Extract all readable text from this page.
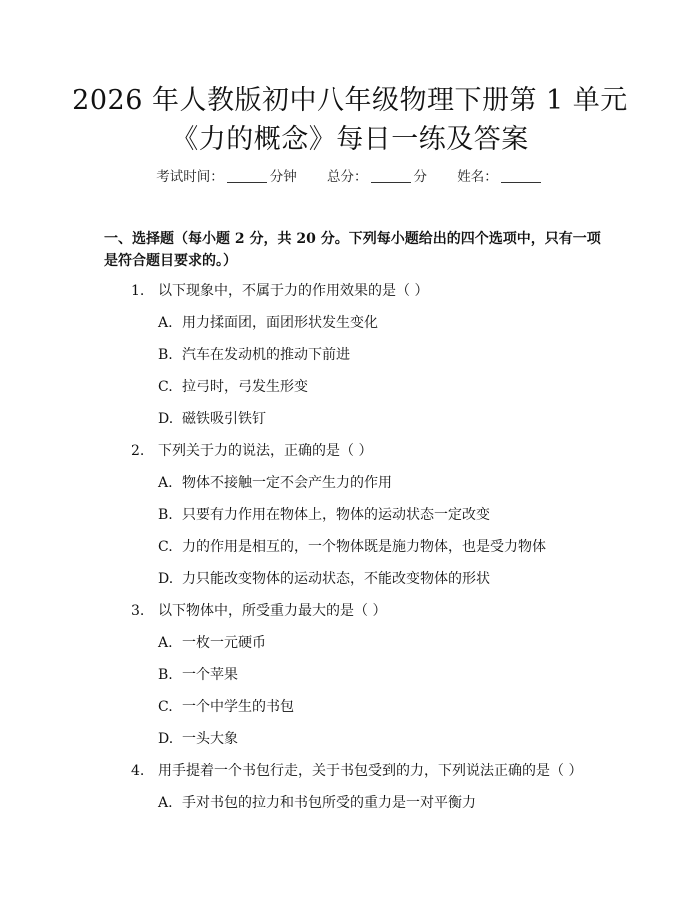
2026 年人教版初中八年级物理下册第 1 单元
《力的概念》每日一练及答案
考试时间：	分钟 总分：	分 姓名：
一、选择题（每小题 2 分，共 20 分。下列每小题给出的四个选项中，只有一项是符合题目要求的。）
1. 以下现象中，不属于力的作用效果的是（ ）
A. 用力揉面团，面团形状发生变化
B. 汽车在发动机的推动下前进
C. 拉弓时，弓发生形变
D. 磁铁吸引铁钉
2. 下列关于力的说法，正确的是（ ）
A. 物体不接触一定不会产生力的作用
B. 只要有力作用在物体上，物体的运动状态一定改变
C. 力的作用是相互的，一个物体既是施力物体，也是受力物体
D. 力只能改变物体的运动状态，不能改变物体的形状
3. 以下物体中，所受重力最大的是（ ）
A. 一枚一元硬币
B. 一个苹果
C. 一个中学生的书包
D. 一头大象
4. 用手提着一个书包行走，关于书包受到的力，下列说法正确的是（ ）
A. 手对书包的拉力和书包所受的重力是一对平衡力
